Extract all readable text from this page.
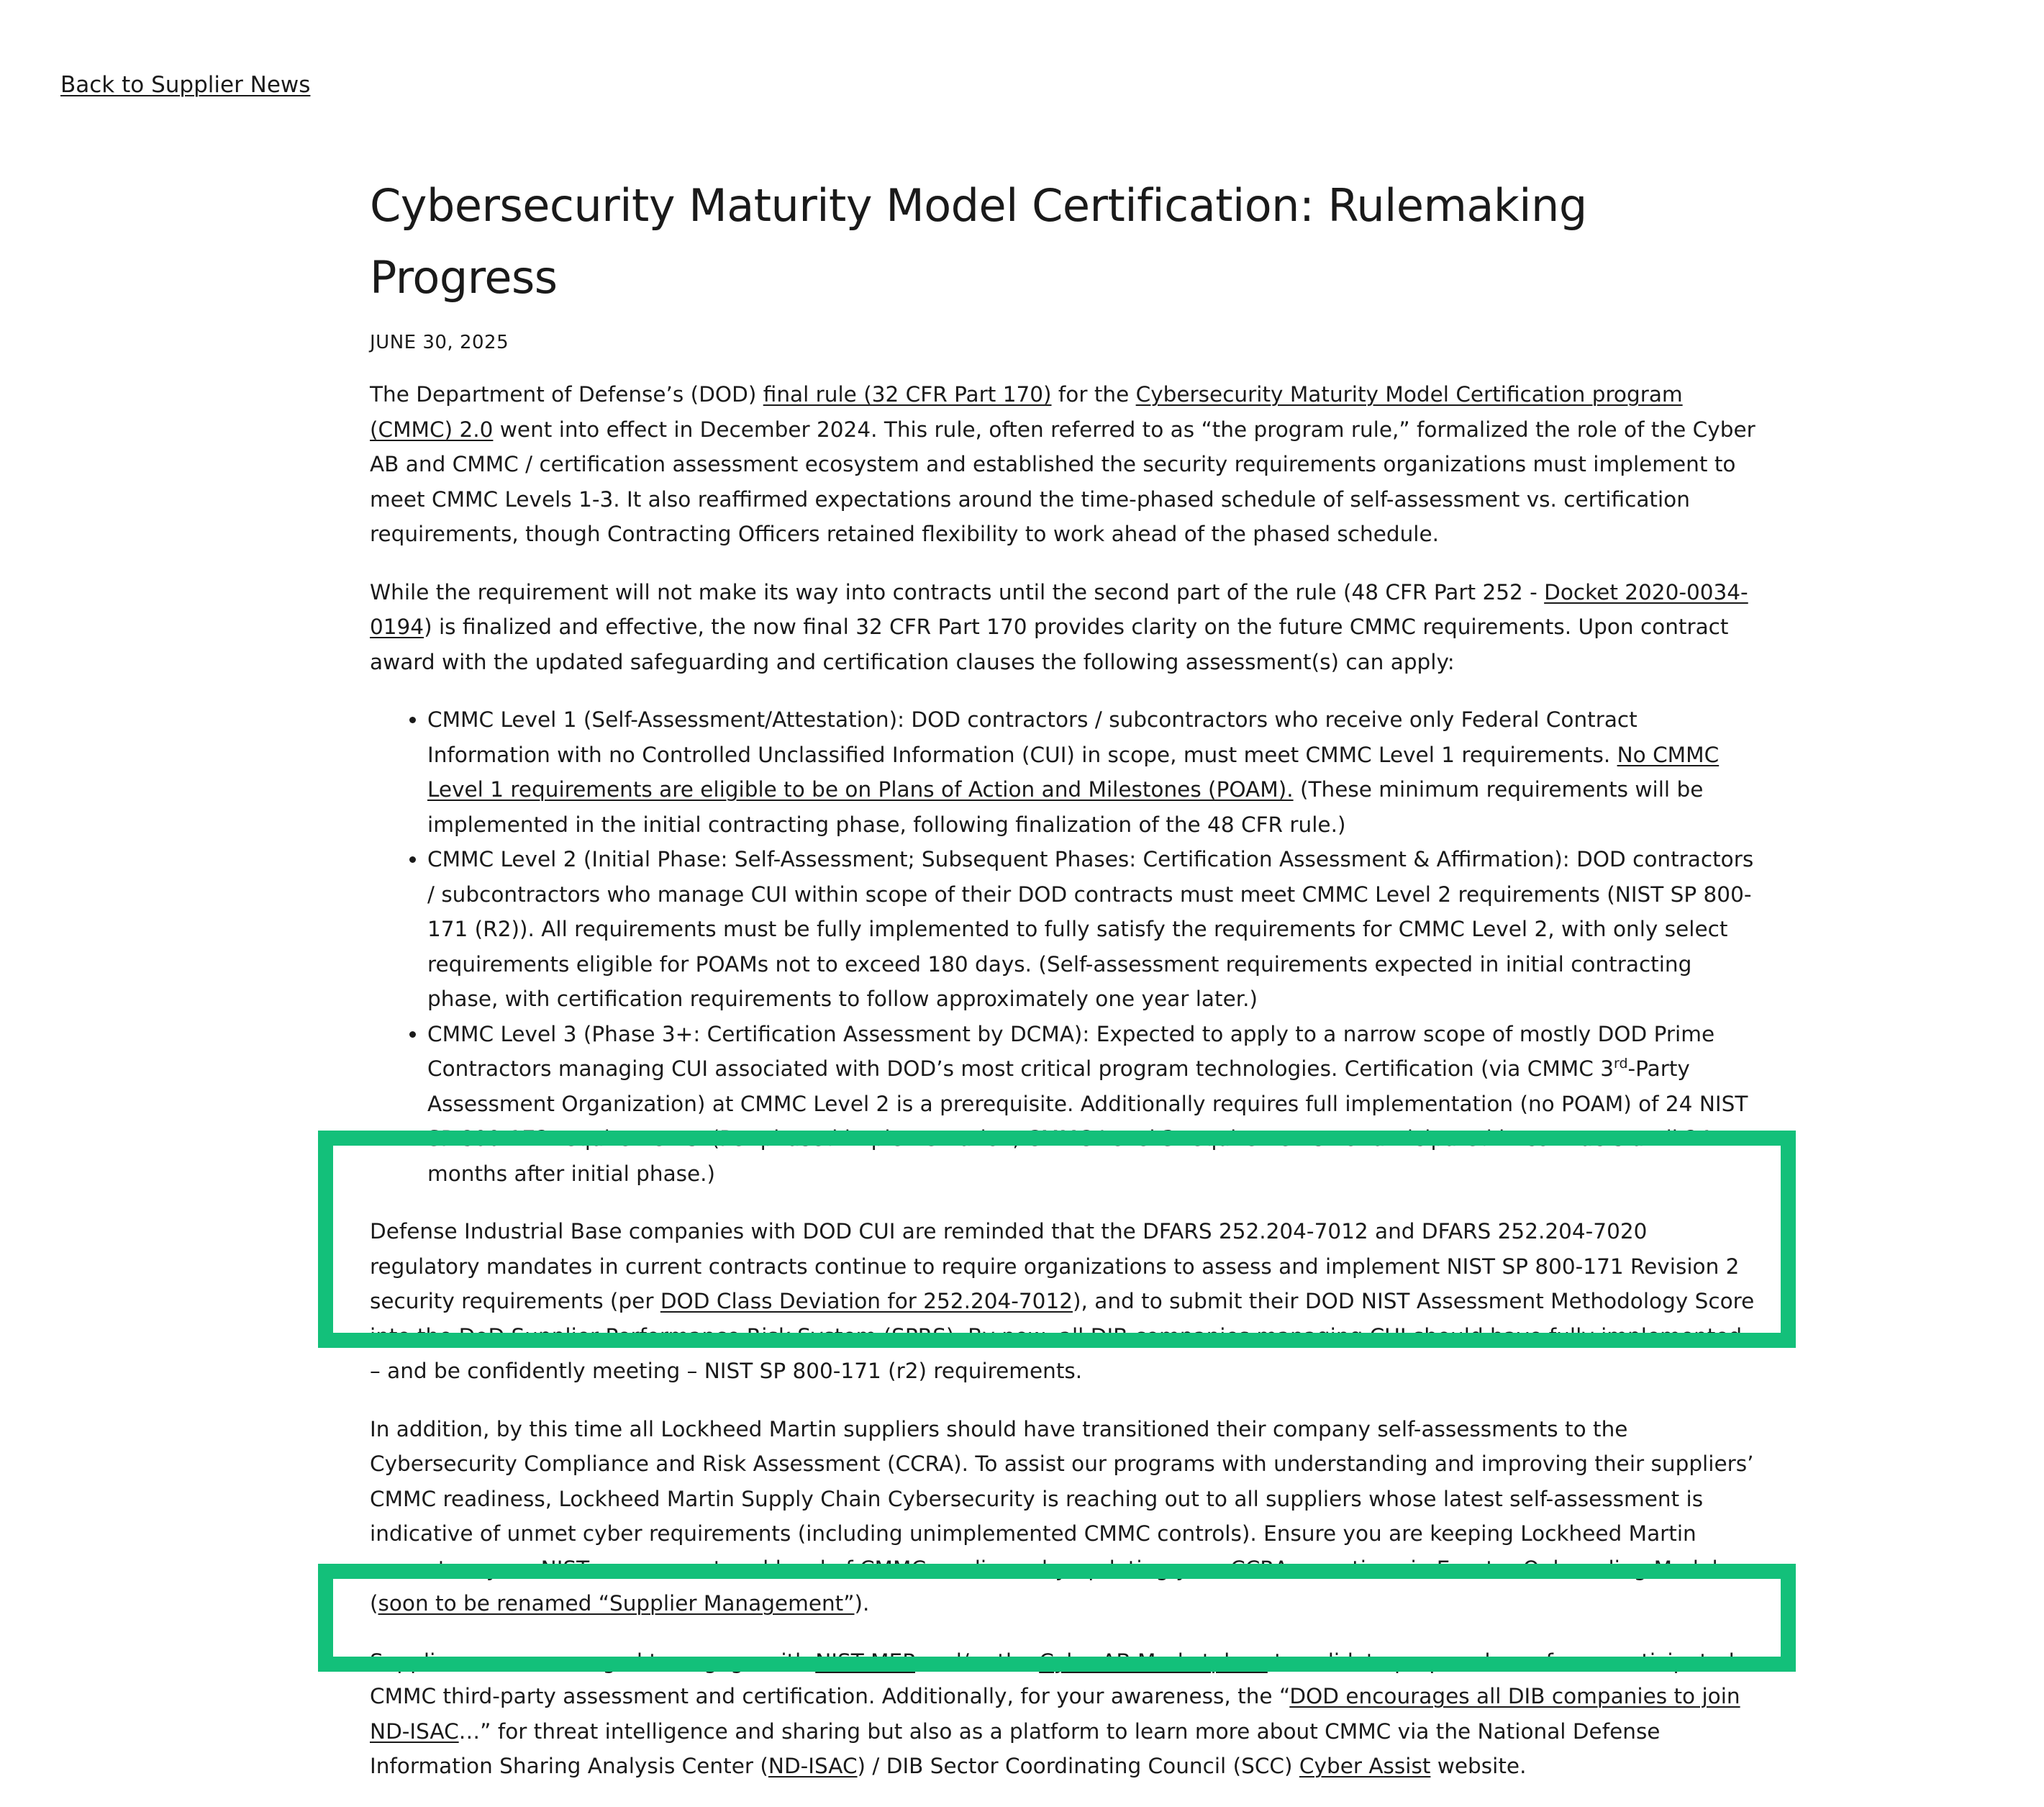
Back to Supplier News
Cybersecurity Maturity Model Certification: Rulemaking Progress
JUNE 30, 2025

The Department of Defense’s (DOD) final rule (32 CFR Part 170) for the Cybersecurity Maturity Model Certification program (CMMC) 2.0 went into effect in December 2024. This rule, often referred to as “the program rule,” formalized the role of the Cyber AB and CMMC / certification assessment ecosystem and established the security requirements organizations must implement to meet CMMC Levels 1-3. It also reaffirmed expectations around the time-phased schedule of self-assessment vs. certification requirements, though Contracting Officers retained flexibility to work ahead of the phased schedule.

While the requirement will not make its way into contracts until the second part of the rule (48 CFR Part 252 - Docket 2020-0034-0194) is finalized and effective, the now final 32 CFR Part 170 provides clarity on the future CMMC requirements. Upon contract award with the updated safeguarding and certification clauses the following assessment(s) can apply:

• CMMC Level 1 (Self-Assessment/Attestation): DOD contractors / subcontractors who receive only Federal Contract Information with no Controlled Unclassified Information (CUI) in scope, must meet CMMC Level 1 requirements. No CMMC Level 1 requirements are eligible to be on Plans of Action and Milestones (POAM). (These minimum requirements will be implemented in the initial contracting phase, following finalization of the 48 CFR rule.)
• CMMC Level 2 (Initial Phase: Self-Assessment; Subsequent Phases: Certification Assessment & Affirmation): DOD contractors / subcontractors who manage CUI within scope of their DOD contracts must meet CMMC Level 2 requirements (NIST SP 800-171 (R2)). All requirements must be fully implemented to fully satisfy the requirements for CMMC Level 2, with only select requirements eligible for POAMs not to exceed 180 days. (Self-assessment requirements expected in initial contracting phase, with certification requirements to follow approximately one year later.)
• CMMC Level 3 (Phase 3+: Certification Assessment by DCMA): Expected to apply to a narrow scope of mostly DOD Prime Contractors managing CUI associated with DOD’s most critical program technologies. Certification (via CMMC 3rd-Party Assessment Organization) at CMMC Level 2 is a prerequisite. Additionally requires full implementation (no POAM) of 24 NIST SP 800-172 requirements. (Per phased implementation, CMMC Level 3 requirements not anticipated in contracts until 24 months after initial phase.)

Defense Industrial Base companies with DOD CUI are reminded that the DFARS 252.204-7012 and DFARS 252.204-7020 regulatory mandates in current contracts continue to require organizations to assess and implement NIST SP 800-171 Revision 2 security requirements (per DOD Class Deviation for 252.204-7012), and to submit their DOD NIST Assessment Methodology Score into the DoD Supplier Performance Risk System (SPRS). By now, all DIB companies managing CUI should have fully implemented – and be confidently meeting – NIST SP 800-171 (r2) requirements.

In addition, by this time all Lockheed Martin suppliers should have transitioned their company self-assessments to the Cybersecurity Compliance and Risk Assessment (CCRA). To assist our programs with understanding and improving their suppliers’ CMMC readiness, Lockheed Martin Supply Chain Cybersecurity is reaching out to all suppliers whose latest self-assessment is indicative of unmet cyber requirements (including unimplemented CMMC controls). Ensure you are keeping Lockheed Martin current on your NIST assessment and level of CMMC readiness by updating your CCRA assertions in Exostar Onboarding Module (soon to be renamed “Supplier Management”).

Suppliers are encouraged to engage with NIST MEP and/or the CyberAB Marketplace to validate preparedness for an anticipated CMMC third-party assessment and certification. Additionally, for your awareness, the “DOD encourages all DIB companies to join ND-ISAC…” for threat intelligence and sharing but also as a platform to learn more about CMMC via the National Defense Information Sharing Analysis Center (ND-ISAC) / DIB Sector Coordinating Council (SCC) Cyber Assist website.
